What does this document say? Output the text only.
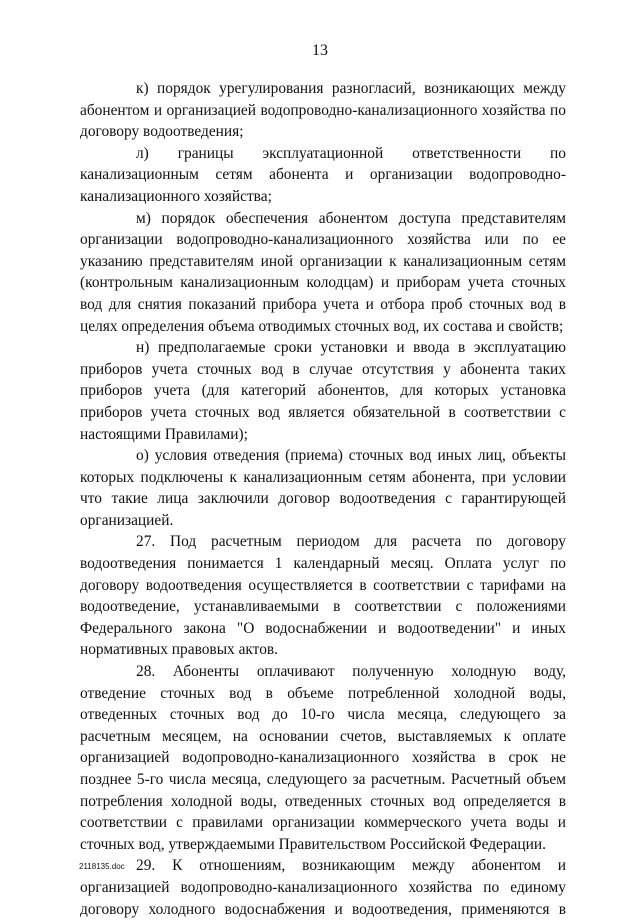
13

к) порядок урегулирования разногласий, возникающих между абонентом и организацией водопроводно-канализационного хозяйства по договору водоотведения;

л) границы эксплуатационной ответственности по канализационным сетям абонента и организации водопроводно-канализационного хозяйства;

м) порядок обеспечения абонентом доступа представителям организации водопроводно-канализационного хозяйства или по ее указанию представителям иной организации к канализационным сетям (контрольным канализационным колодцам) и приборам учета сточных вод для снятия показаний прибора учета и отбора проб сточных вод в целях определения объема отводимых сточных вод, их состава и свойств;

н) предполагаемые сроки установки и ввода в эксплуатацию приборов учета сточных вод в случае отсутствия у абонента таких приборов учета (для категорий абонентов, для которых установка приборов учета сточных вод является обязательной в соответствии с настоящими Правилами);

о) условия отведения (приема) сточных вод иных лиц, объекты которых подключены к канализационным сетям абонента, при условии что такие лица заключили договор водоотведения с гарантирующей организацией.

27. Под расчетным периодом для расчета по договору водоотведения понимается 1 календарный месяц. Оплата услуг по договору водоотведения осуществляется в соответствии с тарифами на водоотведение, устанавливаемыми в соответствии с положениями Федерального закона "О водоснабжении и водоотведении" и иных нормативных правовых актов.

28. Абоненты оплачивают полученную холодную воду, отведение сточных вод в объеме потребленной холодной воды, отведенных сточных вод до 10-го числа месяца, следующего за расчетным месяцем, на основании счетов, выставляемых к оплате организацией водопроводно-канализационного хозяйства в срок не позднее 5-го числа месяца, следующего за расчетным. Расчетный объем потребления холодной воды, отведенных сточных вод определяется в соответствии с правилами организации коммерческого учета воды и сточных вод, утверждаемыми Правительством Российской Федерации.

29. К отношениям, возникающим между абонентом и организацией водопроводно-канализационного хозяйства по единому договору холодного водоснабжения и водоотведения, применяются в

2118135.doc
